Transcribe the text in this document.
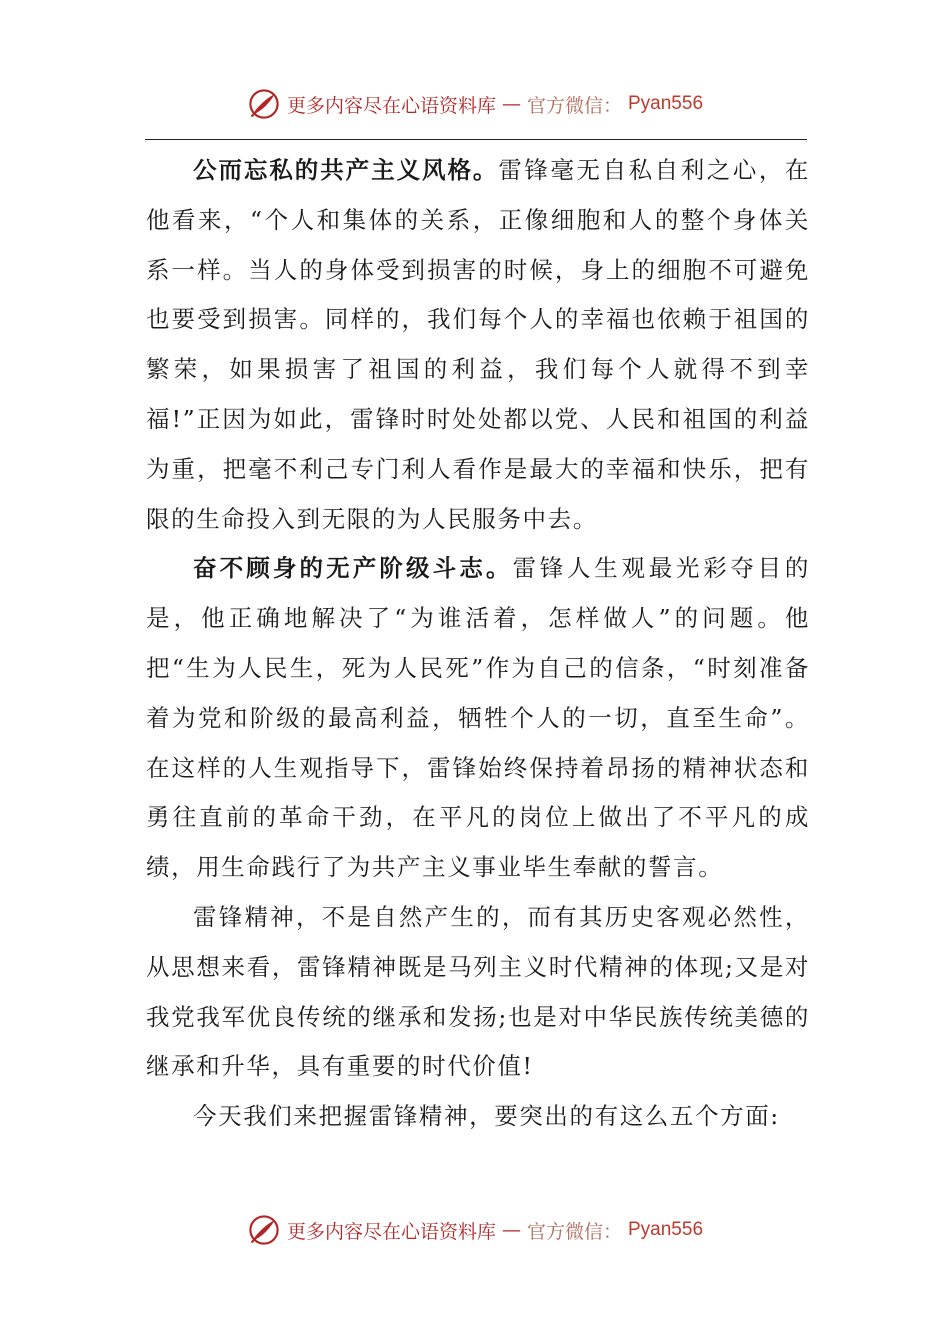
更多内容尽在心语资料库 — 官方微信： Pyan556

公而忘私的共产主义风格。雷锋毫无自私自利之心，在他看来，“个人和集体的关系，正像细胞和人的整个身体关系一样。当人的身体受到损害的时候，身上的细胞不可避免也要受到损害。同样的，我们每个人的幸福也依赖于祖国的繁荣，如果损害了祖国的利益，我们每个人就得不到幸福!”正因为如此，雷锋时时处处都以党、人民和祖国的利益为重，把毫不利己专门利人看作是最大的幸福和快乐，把有限的生命投入到无限的为人民服务中去。

奋不顾身的无产阶级斗志。雷锋人生观最光彩夺目的是，他正确地解决了“为谁活着，怎样做人”的问题。他把“生为人民生，死为人民死”作为自己的信条，“时刻准备着为党和阶级的最高利益，牺牲个人的一切，直至生命”。在这样的人生观指导下，雷锋始终保持着昂扬的精神状态和勇往直前的革命干劲，在平凡的岗位上做出了不平凡的成绩，用生命践行了为共产主义事业毕生奉献的誓言。

雷锋精神，不是自然产生的，而有其历史客观必然性，从思想来看，雷锋精神既是马列主义时代精神的体现;又是对我党我军优良传统的继承和发扬;也是对中华民族传统美德的继承和升华，具有重要的时代价值!

今天我们来把握雷锋精神，要突出的有这么五个方面:

更多内容尽在心语资料库 — 官方微信： Pyan556
